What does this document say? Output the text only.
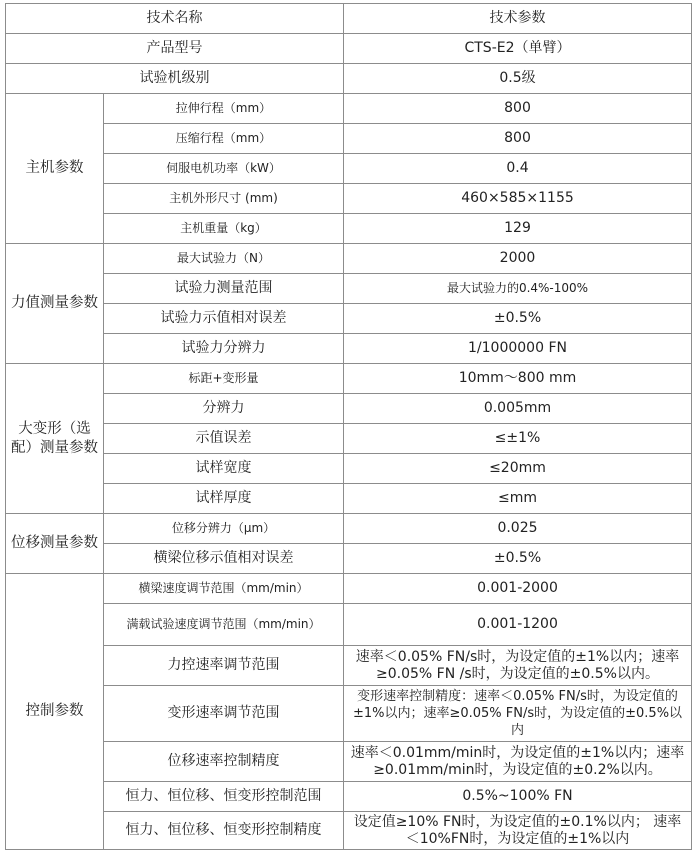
技术名称		技术参数
产品型号		CTS-E2（单臂）
试验机级别		0.5级
主机参数	拉伸行程（mm）	800
	压缩行程（mm）	800
	伺服电机功率（kW）	0.4
	主机外形尺寸 (mm)	460×585×1155
	主机重量（kg）	129
力值测量参数	最大试验力（N）	2000
	试验力测量范围	最大试验力的0.4%-100%
	试验力示值相对误差	±0.5%
	试验力分辨力	1/1000000 FN
大变形（选配）测量参数	标距+变形量	10mm～800 mm
	分辨力	0.005mm
	示值误差	≤±1%
	试样宽度	≤20mm
	试样厚度	≤mm
位移测量参数	位移分辨力（μm）	0.025
	横梁位移示值相对误差	±0.5%
控制参数	横梁速度调节范围（mm/min）	0.001-2000
	满载试验速度调节范围（mm/min）	0.001-1200
	力控速率调节范围	速率＜0.05% FN/s时，为设定值的±1%以内；速率≥0.05% FN /s时，为设定值的±0.5%以内。
	变形速率调节范围	变形速率控制精度：速率＜0.05% FN/s时，为设定值的±1%以内；速率≥0.05% FN/s时，为设定值的±0.5%以内
	位移速率控制精度	速率＜0.01mm/min时，为设定值的±1%以内；速率≥0.01mm/min时，为设定值的±0.2%以内。
	恒力、恒位移、恒变形控制范围	0.5%~100% FN
	恒力、恒位移、恒变形控制精度	设定值≥10% FN时，为设定值的±0.1%以内； 速率＜10%FN时，为设定值的±1%以内
